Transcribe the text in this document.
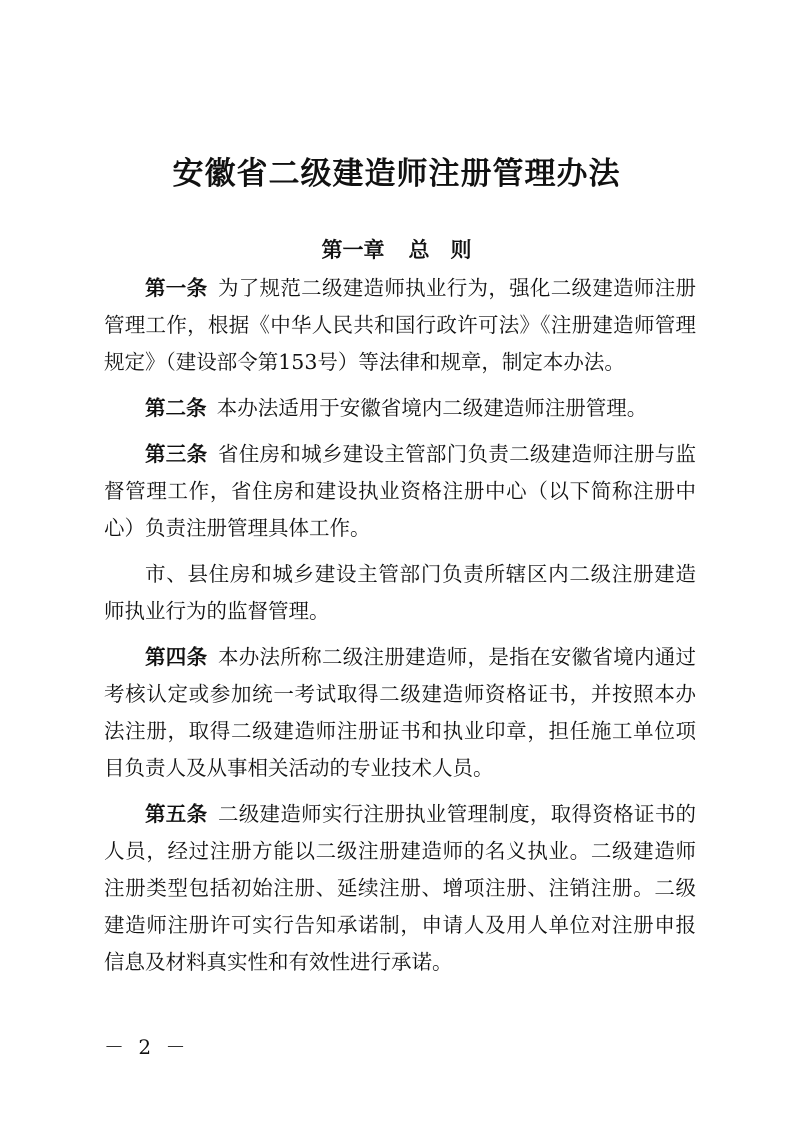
安徽省二级建造师注册管理办法
第一章 总　则

第一条  为了规范二级建造师执业行为，强化二级建造师注册管理工作，根据《中华人民共和国行政许可法》《注册建造师管理规定》（建设部令第153号）等法律和规章，制定本办法。

第二条  本办法适用于安徽省境内二级建造师注册管理。

第三条  省住房和城乡建设主管部门负责二级建造师注册与监督管理工作，省住房和建设执业资格注册中心（以下简称注册中心）负责注册管理具体工作。

市、县住房和城乡建设主管部门负责所辖区内二级注册建造师执业行为的监督管理。

第四条  本办法所称二级注册建造师，是指在安徽省境内通过考核认定或参加统一考试取得二级建造师资格证书，并按照本办法注册，取得二级建造师注册证书和执业印章，担任施工单位项目负责人及从事相关活动的专业技术人员。

第五条  二级建造师实行注册执业管理制度，取得资格证书的人员，经过注册方能以二级注册建造师的名义执业。二级建造师注册类型包括初始注册、延续注册、增项注册、注销注册。二级建造师注册许可实行告知承诺制，申请人及用人单位对注册申报信息及材料真实性和有效性进行承诺。

－ 2 －
